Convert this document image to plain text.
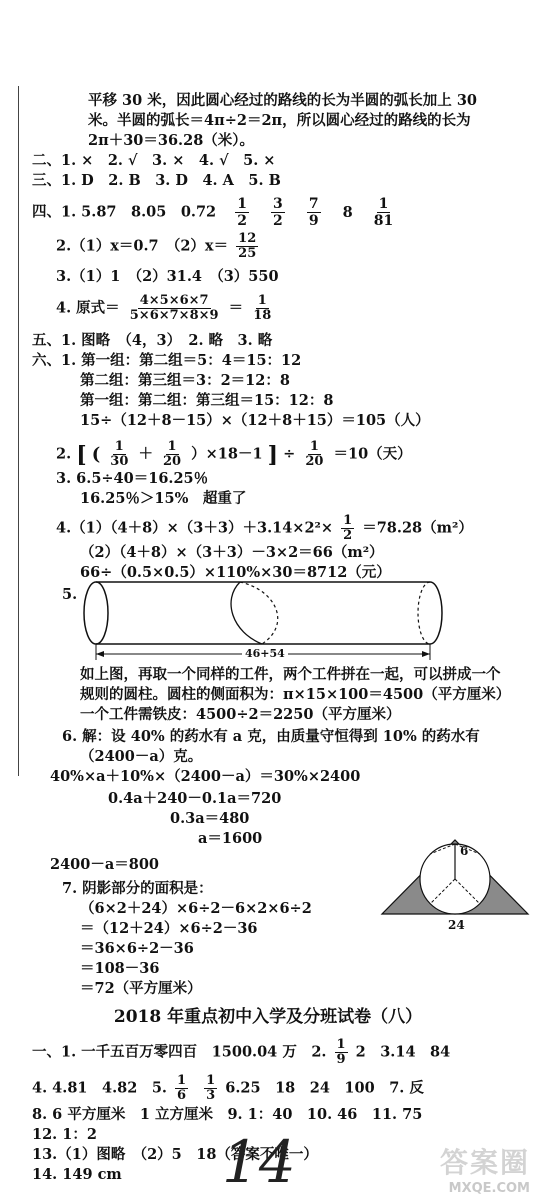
平移 30 米，因此圆心经过的路线的长为半圆的弧长加上 30
米。半圆的弧长＝4π÷2＝2π，所以圆心经过的路线的长为
2π＋30＝36.28（米）。
二、1. ×　2. √　3. ×　4. √　5. ×
三、1. D　2. B　3. D　4. A　5. B
四、1. 5.87　8.05　$0.72 \frac{1}{2}$
$\frac{3}{2}$
$\frac{7}{9} 8 \frac{1}{81}$
2.（1）x＝0.7　$(2)x= \frac{12}{25}$
3.（1）1　（2）31.4　（3）550
4. 原式＝ $\frac{4\times 5\times 6\times 7}{5\times 6\times 7\times 8\times 9} = \frac{1}{18}$
五、1. 图略　（4，3）　2. 略　3. 略
六、1. 第一组：第二组＝5：4＝15：12
第二组：第三组＝3：2＝12：8
第一组：第二组：第三组＝15：12：8
15÷（12＋8－15）×（12＋8＋15）＝105（人）
2. [ ( $\frac{1}{30} + \frac{1}{20} )\times 18-1$ ] ÷ $\frac{1}{20} =10$（天）
3. 6.5÷40＝16.25％
16.25％＞15%　超重了
$4.(1)(4+8)\times(3+3)+3.14\times 2^2\times \frac{1}{2} =78.28(m^2)$
（2）（4＋8）×（3＋3）－3×2＝66（m²）
66÷（0.5×0.5）×110%×30＝8712（元）
5.
46+54
如上图，再取一个同样的工件，两个工件拼在一起，可以拼成一个
规则的圆柱。圆柱的侧面积为：π×15×100＝4500（平方厘米）
一个工件需铁皮：4500÷2＝2250（平方厘米）
6. 解：设 40% 的药水有 a 克，由质量守恒得到 10% 的药水有
（2400－a）克。
40%×a＋10%×（2400－a）＝30%×2400
0.4a＋240－0.1a＝720
0.3a＝480
a＝1600
2400－a＝800
7. 阴影部分的面积是：
（6×2＋24）×6÷2－6×2×6÷2
＝（12＋24）×6÷2－36
6
24
2018 年重点初中入学及分班试卷（八）
一、1. 一千五百万零四百　1500.04 万　2. $\frac{1}{9} 2$　3.14　84
4. 4.81　4.82　5. $\frac{1}{6}$
$\frac{1}{3} 6.25$　18　24　100　7. 反
8. 6 平方厘米　1 立方厘米　9. 1：40　10. 46　11. 75
12. 1：2
13.（1）图略　（2）5　18（答案不唯一）
14. 149 cm 14	答案圈
MXQE.COM
＝108－36
＝72（平方厘米）
＝36×6÷2－36
